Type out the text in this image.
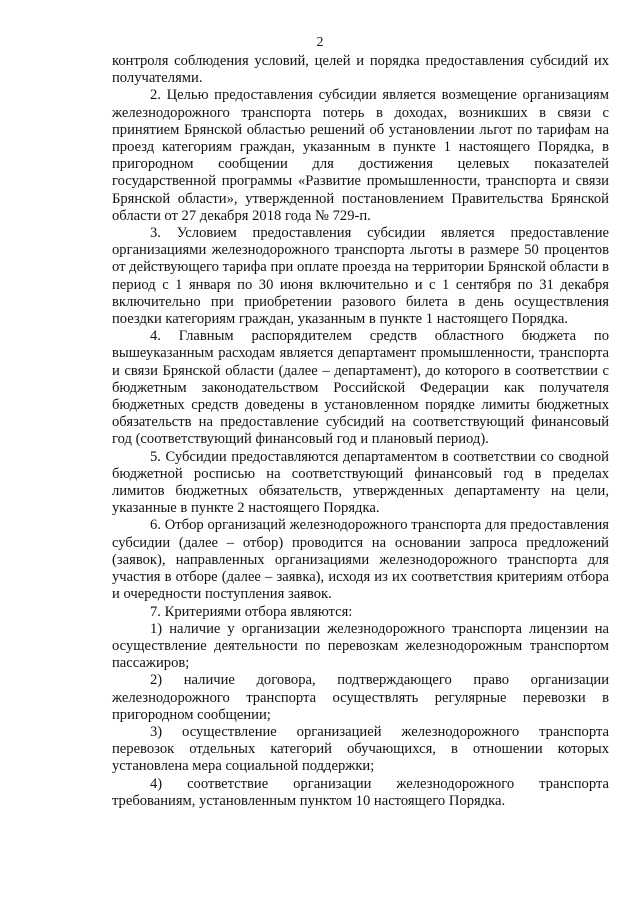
2

контроля соблюдения условий, целей и порядка предоставления субсидий их получателями.

2. Целью предоставления субсидии является возмещение организациям железнодорожного транспорта потерь в доходах, возникших в связи с принятием Брянской областью решений об установлении льгот по тарифам на проезд категориям граждан, указанным в пункте 1 настоящего Порядка, в пригородном сообщении для достижения целевых показателей государственной программы «Развитие промышленности, транспорта и связи Брянской области», утвержденной постановлением Правительства Брянской области от 27 декабря 2018 года № 729-п.

3. Условием предоставления субсидии является предоставление организациями железнодорожного транспорта льготы в размере 50 процентов от действующего тарифа при оплате проезда на территории Брянской области в период с 1 января по 30 июня включительно и с 1 сентября по 31 декабря включительно при приобретении разового билета в день осуществления поездки категориям граждан, указанным в пункте 1 настоящего Порядка.

4. Главным распорядителем средств областного бюджета по вышеуказанным расходам является департамент промышленности, транспорта и связи Брянской области (далее – департамент), до которого в соответствии с бюджетным законодательством Российской Федерации как получателя бюджетных средств доведены в установленном порядке лимиты бюджетных обязательств на предоставление субсидий на соответствующий финансовый год (соответствующий финансовый год и плановый период).

5. Субсидии предоставляются департаментом в соответствии со сводной бюджетной росписью на соответствующий финансовый год в пределах лимитов бюджетных обязательств, утвержденных департаменту на цели, указанные в пункте 2 настоящего Порядка.

6. Отбор организаций железнодорожного транспорта для предоставления субсидии (далее – отбор) проводится на основании запроса предложений (заявок), направленных организациями железнодорожного транспорта для участия в отборе (далее – заявка), исходя из их соответствия критериям отбора и очередности поступления заявок.

7. Критериями отбора являются:

1) наличие у организации железнодорожного транспорта лицензии на осуществление деятельности по перевозкам железнодорожным транспортом пассажиров;

2) наличие договора, подтверждающего право организации железнодорожного транспорта осуществлять регулярные перевозки в пригородном сообщении;

3) осуществление организацией железнодорожного транспорта перевозок отдельных категорий обучающихся, в отношении которых установлена мера социальной поддержки;

4) соответствие организации железнодорожного транспорта требованиям, установленным пунктом 10 настоящего Порядка.
